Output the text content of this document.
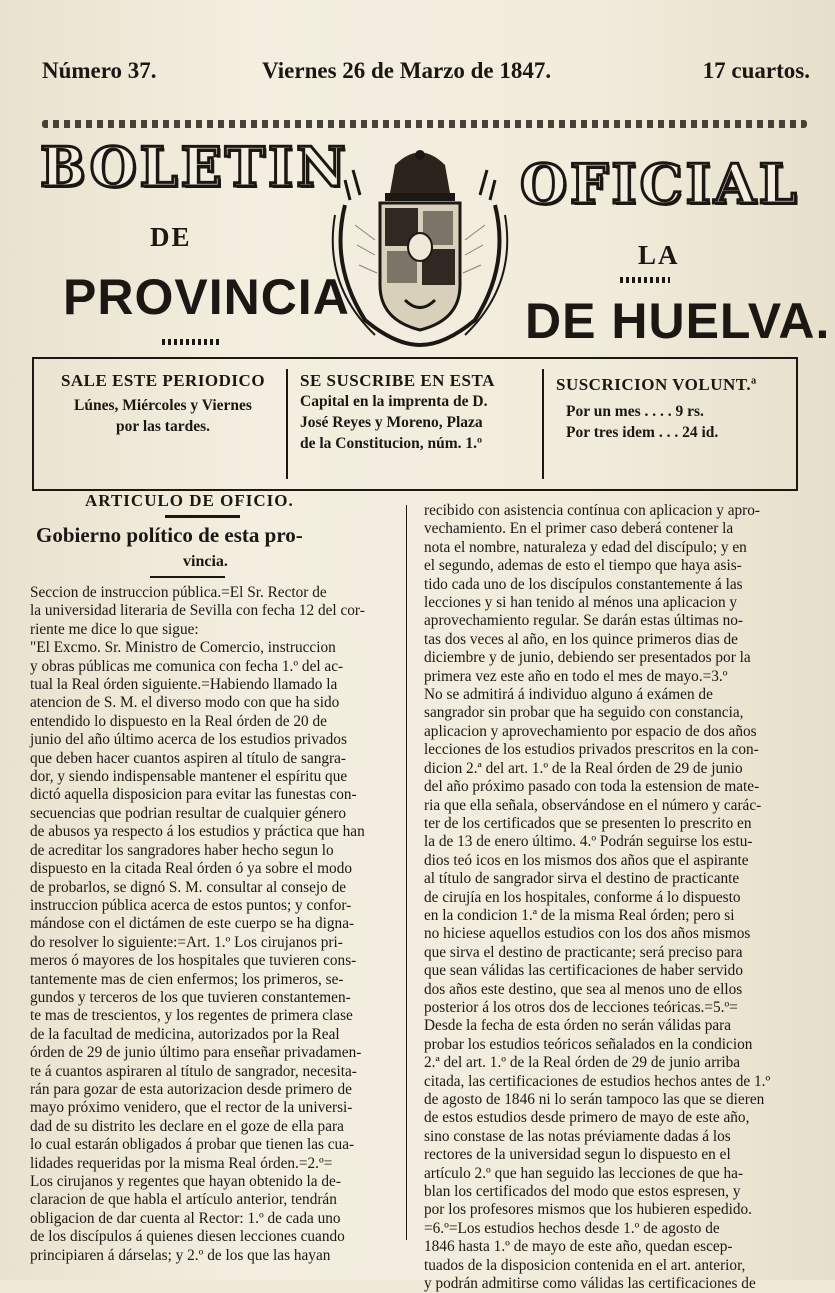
Número 37.	Viernes 26 de Marzo de 1847.	17 cuartos.
BOLETIN	OFICIAL
DE
LA
PROVINCIA	DE HUELVA.
SALE ESTE PERIODICO
Lúnes, Miércoles y Viernes
por las tardes.
SE SUSCRIBE EN ESTA
Capital en la imprenta de D.
José Reyes y Moreno, Plaza
de la Constitucion, núm. 1.º
SUSCRICION VOLUNT.ª
Por un mes . . . . 9 rs.
Por tres idem . . . 24 id.
ARTICULO DE OFICIO.
Gobierno político de esta pro-
vincia.

Seccion de instruccion pública.=El Sr. Rector de
la universidad literaria de Sevilla con fecha 12 del cor-
riente me dice lo que sigue:
"El Excmo. Sr. Ministro de Comercio, instruccion
y obras públicas me comunica con fecha 1.º del ac-
tual la Real órden siguiente.=Habiendo llamado la
atencion de S. M. el diverso modo con que ha sido
entendido lo dispuesto en la Real órden de 20 de
junio del año último acerca de los estudios privados
que deben hacer cuantos aspiren al título de sangra-
dor, y siendo indispensable mantener el espíritu que
dictó aquella disposicion para evitar las funestas con-
secuencias que podrian resultar de cualquier género
de abusos ya respecto á los estudios y práctica que han
de acreditar los sangradores haber hecho segun lo
dispuesto en la citada Real órden ó ya sobre el modo
de probarlos, se dignó S. M. consultar al consejo de
instruccion pública acerca de estos puntos; y confor-
mándose con el dictámen de este cuerpo se ha digna-
do resolver lo siguiente:=Art. 1.º Los cirujanos pri-
meros ó mayores de los hospitales que tuvieren cons-
tantemente mas de cien enfermos; los primeros, se-
gundos y terceros de los que tuvieren constantemen-
te mas de trescientos, y los regentes de primera clase
de la facultad de medicina, autorizados por la Real
órden de 29 de junio último para enseñar privadamen-
te á cuantos aspiraren al título de sangrador, necesita-
rán para gozar de esta autorizacion desde primero de
mayo próximo venidero, que el rector de la universi-
dad de su distrito les declare en el goze de ella para
lo cual estarán obligados á probar que tienen las cua-
lidades requeridas por la misma Real órden.=2.º=
Los cirujanos y regentes que hayan obtenido la de-
claracion de que habla el artículo anterior, tendrán
obligacion de dar cuenta al Rector: 1.º de cada uno
de los discípulos á quienes diesen lecciones cuando
principiaren á dárselas; y 2.º de los que las hayan

recibido con asistencia contínua con aplicacion y apro-
vechamiento. En el primer caso deberá contener la
nota el nombre, naturaleza y edad del discípulo; y en
el segundo, ademas de esto el tiempo que haya asis-
tido cada uno de los discípulos constantemente á las
lecciones y si han tenido al ménos una aplicacion y
aprovechamiento regular. Se darán estas últimas no-
tas dos veces al año, en los quince primeros dias de
diciembre y de junio, debiendo ser presentados por la
primera vez este año en todo el mes de mayo.=3.º
No se admitirá á individuo alguno á exámen de
sangrador sin probar que ha seguido con constancia,
aplicacion y aprovechamiento por espacio de dos años
lecciones de los estudios privados prescritos en la con-
dicion 2.ª del art. 1.º de la Real órden de 29 de junio
del año próximo pasado con toda la estension de mate-
ria que ella señala, observándose en el número y carác-
ter de los certificados que se presenten lo prescrito en
la de 13 de enero último. 4.º Podrán seguirse los estu-
dios teó icos en los mismos dos años que el aspirante
al título de sangrador sirva el destino de practicante
de cirujía en los hospitales, conforme á lo dispuesto
en la condicion 1.ª de la misma Real órden; pero si
no hiciese aquellos estudios con los dos años mismos
que sirva el destino de practicante; será preciso para
que sean válidas las certificaciones de haber servido
dos años este destino, que sea al menos uno de ellos
posterior á los otros dos de lecciones teóricas.=5.º=
Desde la fecha de esta órden no serán válidas para
probar los estudios teóricos señalados en la condicion
2.ª del art. 1.º de la Real órden de 29 de junio arriba
citada, las certificaciones de estudios hechos antes de 1.º
de agosto de 1846 ni lo serán tampoco las que se dieren
de estos estudios desde primero de mayo de este año,
sino constase de las notas préviamente dadas á los
rectores de la universidad segun lo dispuesto en el
artículo 2.º que han seguido las lecciones de que ha-
blan los certificados del modo que estos espresen, y
por los profesores mismos que los hubieren espedido.
=6.º=Los estudios hechos desde 1.º de agosto de
1846 hasta 1.º de mayo de este año, quedan escep-
tuados de la disposicion contenida en el art. anterior,
y podrán admitirse como válidas las certificaciones de
